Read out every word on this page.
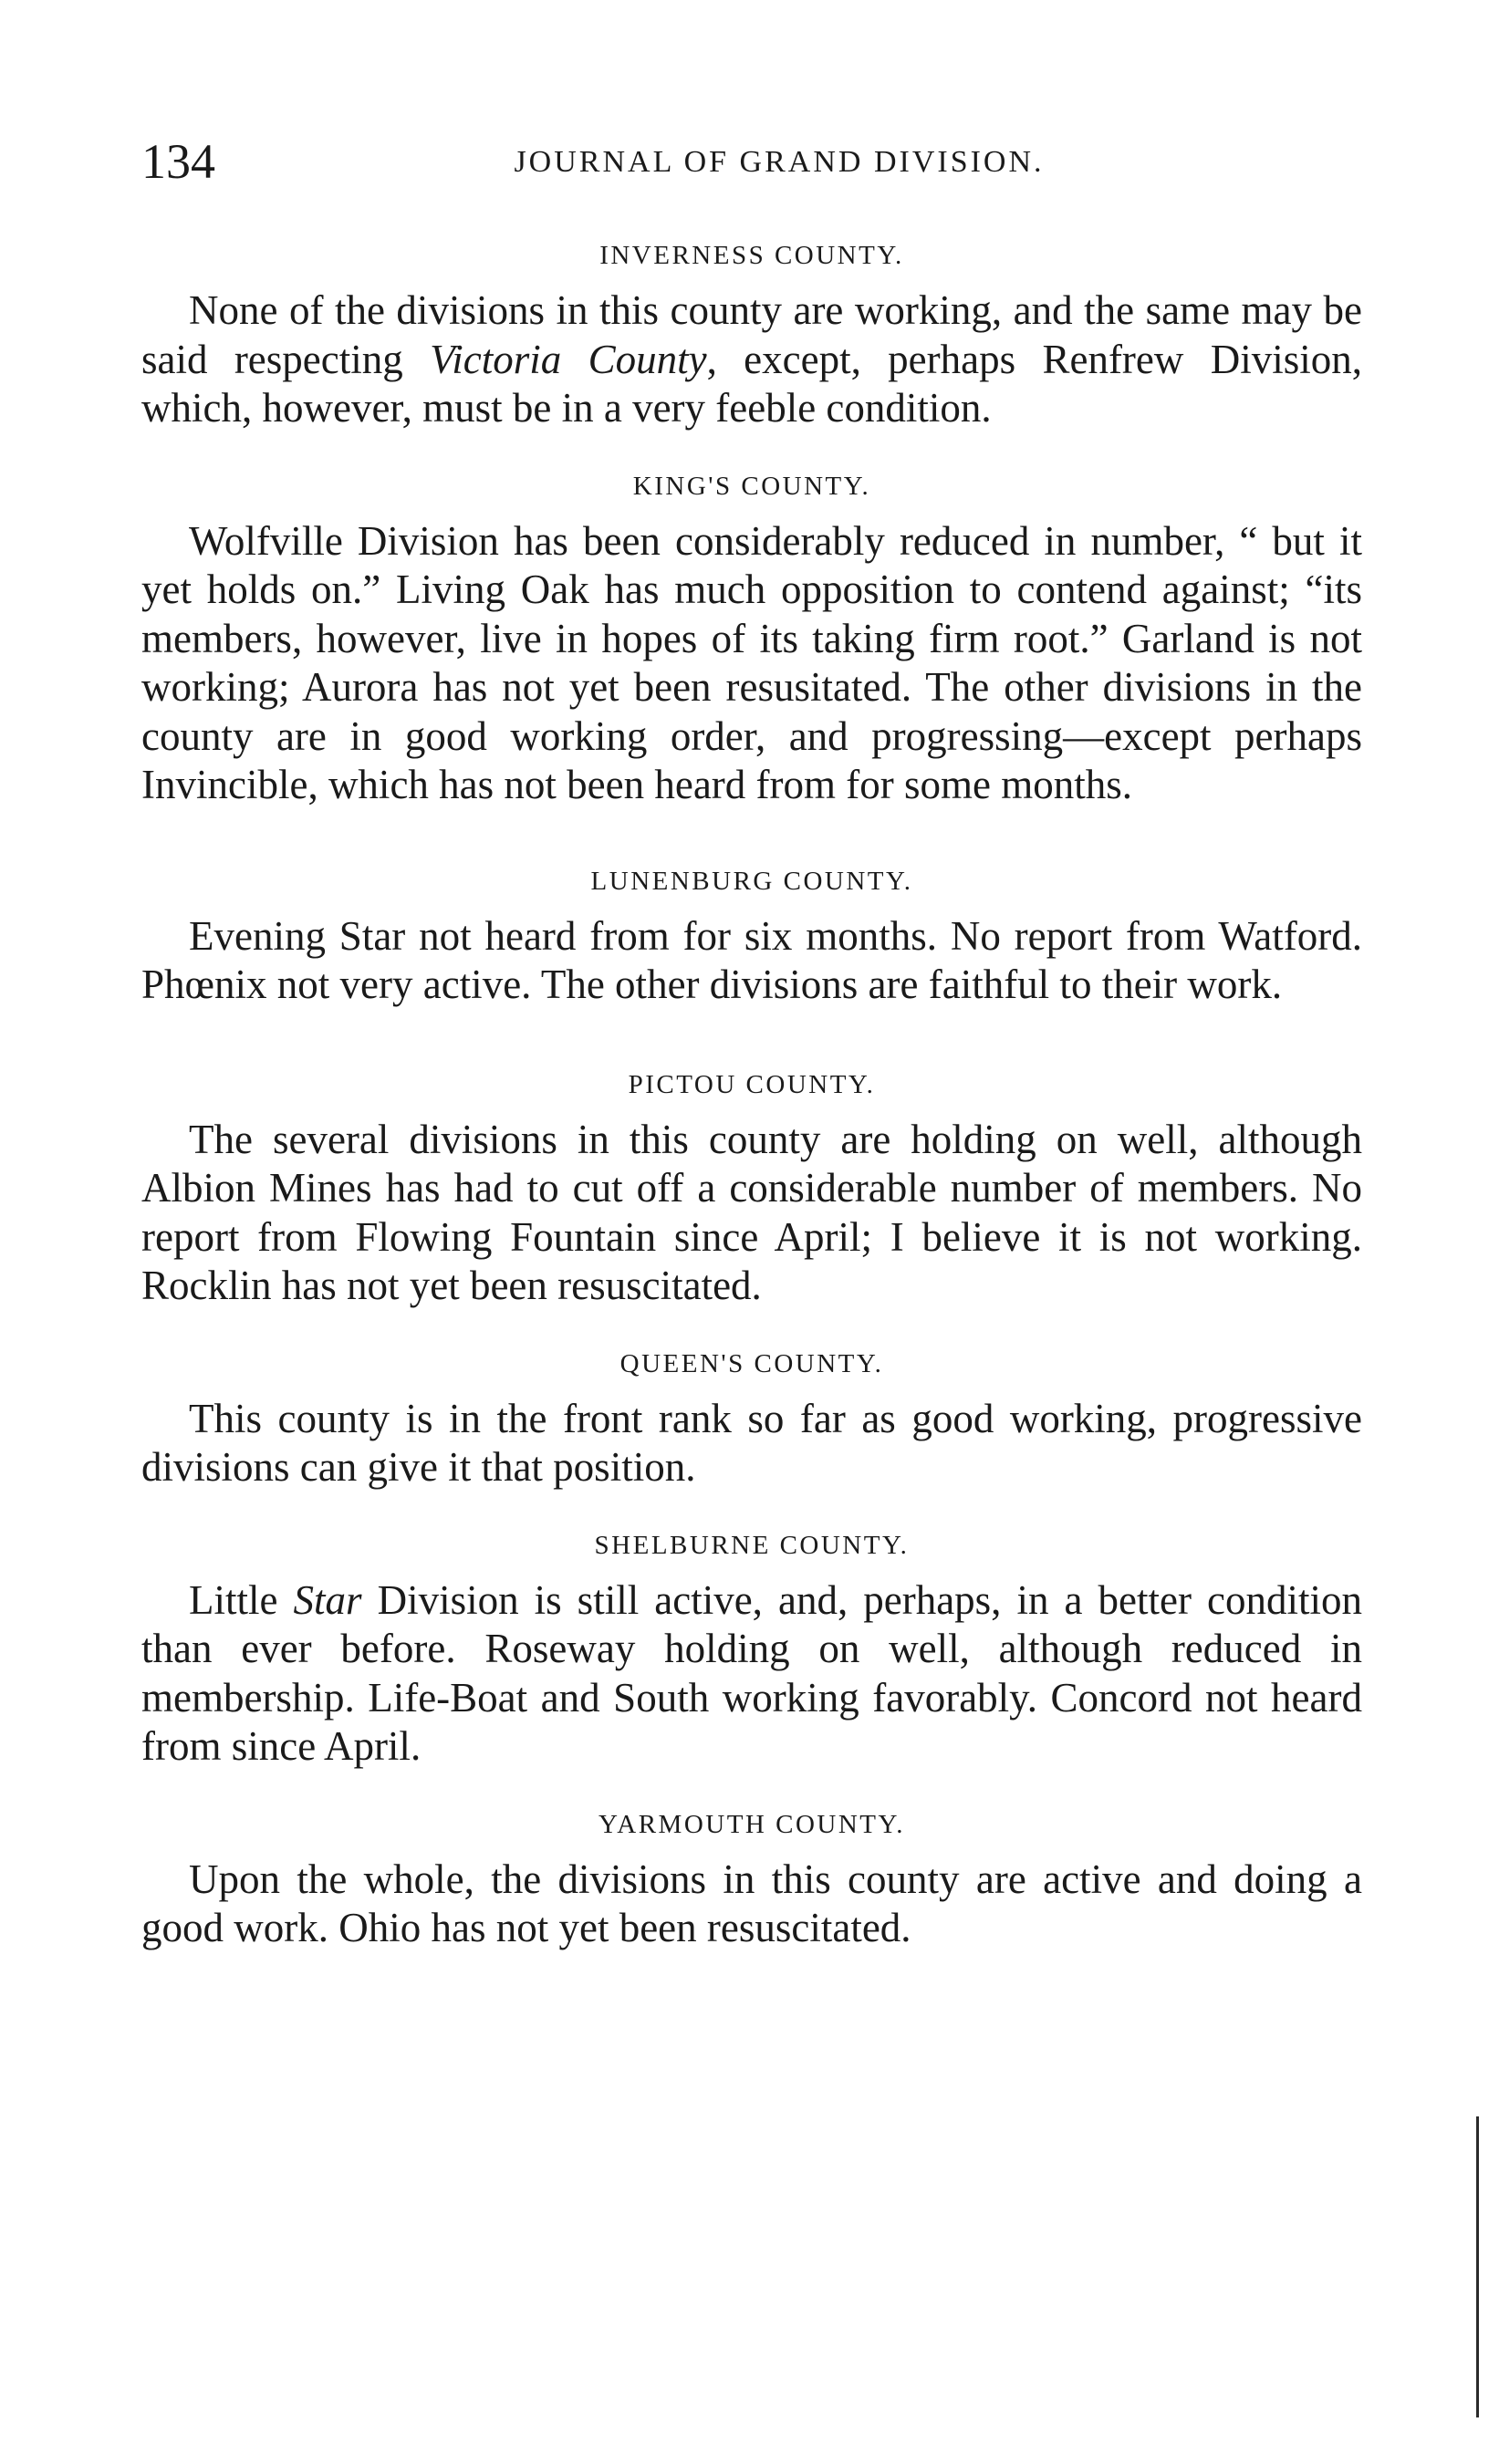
134	JOURNAL OF GRAND DIVISION.
INVERNESS COUNTY.

None of the divisions in this county are working, and the same may be said respecting Victoria County, except, perhaps Renfrew Division, which, however, must be in a very feeble condition.

KING'S COUNTY.

Wolfville Division has been considerably reduced in number, “ but it yet holds on.” Living Oak has much opposition to contend against; “its members, however, live in hopes of its taking firm root.” Garland is not working; Aurora has not yet been resusitated. The other divisions in the county are in good working order, and progressing—except perhaps Invincible, which has not been heard from for some months.

LUNENBURG COUNTY.

Evening Star not heard from for six months. No report from Watford. Phœnix not very active. The other divisions are faithful to their work.

PICTOU COUNTY.

The several divisions in this county are holding on well, although Albion Mines has had to cut off a considerable number of members. No report from Flowing Fountain since April; I believe it is not working. Rocklin has not yet been resuscitated.

QUEEN'S COUNTY.

This county is in the front rank so far as good working, progressive divisions can give it that position.

SHELBURNE COUNTY.

Little Star Division is still active, and, perhaps, in a better condition than ever before. Roseway holding on well, although reduced in membership. Life-Boat and South working favorably. Concord not heard from since April.

YARMOUTH COUNTY.

Upon the whole, the divisions in this county are active and doing a good work. Ohio has not yet been resuscitated.
